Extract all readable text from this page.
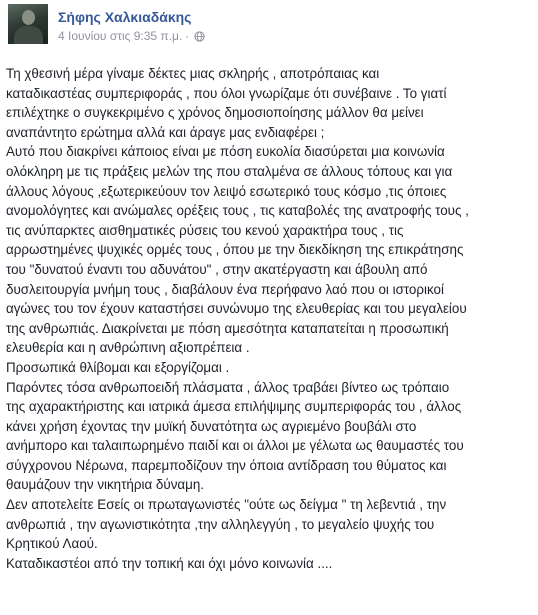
Σήφης Χαλκιαδάκης
4 Ιουνίου στις 9:35 π.μ. ·

Τη χθεσινή μέρα γίναμε δέκτες μιας σκληρής , αποτρόπαιας και

καταδικαστέας συμπεριφοράς , που όλοι γνωρίζαμε ότι συνέβαινε . Το γιατί

επιλέχτηκε ο συγκεκριμένο ς χρόνος δημοσιοποίησης μάλλον θα μείνει

αναπάντητο ερώτημα αλλά και άραγε μας ενδιαφέρει ;

Αυτό που διακρίνει κάποιος είναι με πόση ευκολία διασύρεται μια κοινωνία

ολόκληρη με τις πράξεις μελών της που σταλμένα σε άλλους τόπους και για

άλλους λόγους ,εξωτερικεύουν τον λειψό εσωτερικό τους κόσμο ,τις όποιες

ανομολόγητες και ανώμαλες ορέξεις τους , τις καταβολές της ανατροφής τους ,

τις ανύπαρκτες αισθηματικές ρύσεις του κενού χαρακτήρα τους , τις

αρρωστημένες ψυχικές ορμές τους , όπου με την διεκδίκηση της επικράτησης

του "δυνατού έναντι του αδυνάτου" , στην ακατέργαστη και άβουλη από

δυσλειτουργία μνήμη τους , διαβάλουν ένα περήφανο λαό που οι ιστορικοί

αγώνες του τον έχουν καταστήσει συνώνυμο της ελευθερίας και του μεγαλείου

της ανθρωπιάς. Διακρίνεται με πόση αμεσότητα καταπατείται η προσωπική

ελευθερία και η ανθρώπινη αξιοπρέπεια .

Προσωπικά θλίβομαι και εξοργίζομαι .

Παρόντες τόσα ανθρωποειδή πλάσματα , άλλος τραβάει βίντεο ως τρόπαιο

της αχαρακτήριστης και ιατρικά άμεσα επιλήψιμης συμπεριφοράς του , άλλος

κάνει χρήση έχοντας την μυϊκή δυνατότητα ως αγριεμένο βουβάλι στο

ανήμπορο και ταλαιπωρημένο παιδί και οι άλλοι με γέλωτα ως θαυμαστές του

σύγχρονου Νέρωνα, παρεμποδίζουν την όποια αντίδραση του θύματος και

θαυμάζουν την νικητήρια δύναμη.

Δεν αποτελείτε Εσείς οι πρωταγωνιστές "ούτε ως δείγμα " τη λεβεντιά , την

ανθρωπιά , την αγωνιστικότητα ,την αλληλεγγύη , το μεγαλείο ψυχής του

Κρητικού Λαού.

Καταδικαστέοι από την τοπική και όχι μόνο κοινωνία ....
